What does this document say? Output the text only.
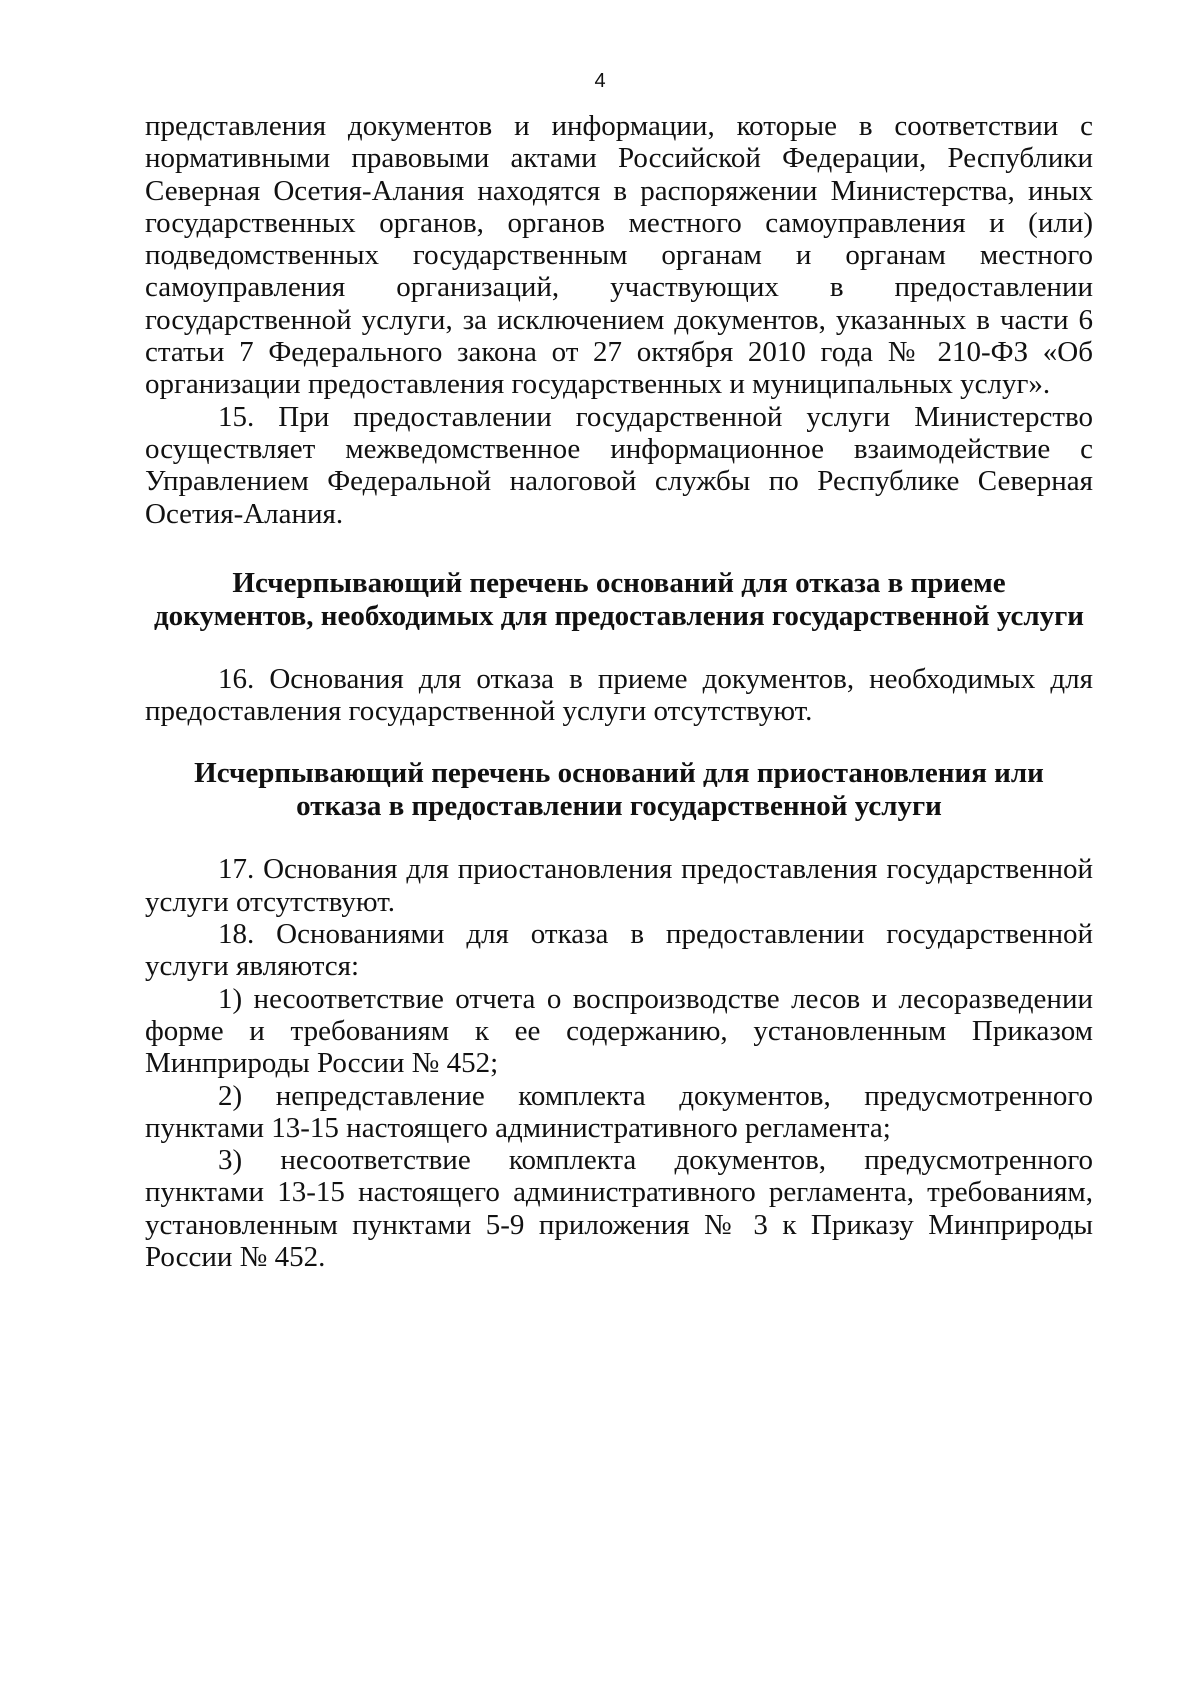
4

представления документов и информации, которые в соответствии с нормативными правовыми актами Российской Федерации, Республики Северная Осетия-Алания находятся в распоряжении Министерства, иных государственных органов, органов местного самоуправления и (или) подведомственных государственным органам и органам местного самоуправления организаций, участвующих в предоставлении государственной услуги, за исключением документов, указанных в части 6 статьи 7 Федерального закона от 27 октября 2010 года № 210-ФЗ «Об организации предоставления государственных и муниципальных услуг».

15. При предоставлении государственной услуги Министерство осуществляет межведомственное информационное взаимодействие с Управлением Федеральной налоговой службы по Республике Северная Осетия-Алания.

Исчерпывающий перечень оснований для отказа в приеме
документов, необходимых для предоставления государственной услуги

16. Основания для отказа в приеме документов, необходимых для предоставления государственной услуги отсутствуют.

Исчерпывающий перечень оснований для приостановления или
отказа в предоставлении государственной услуги

17. Основания для приостановления предоставления государственной услуги отсутствуют.

18. Основаниями для отказа в предоставлении государственной услуги являются:

1) несоответствие отчета о воспроизводстве лесов и лесоразведении форме и требованиям к ее содержанию, установленным Приказом Минприроды России № 452;

2) непредставление комплекта документов, предусмотренного пунктами 13-15 настоящего административного регламента;

3) несоответствие комплекта документов, предусмотренного пунктами 13-15 настоящего административного регламента, требованиям, установленным пунктами 5-9 приложения № 3 к Приказу Минприроды России № 452.
